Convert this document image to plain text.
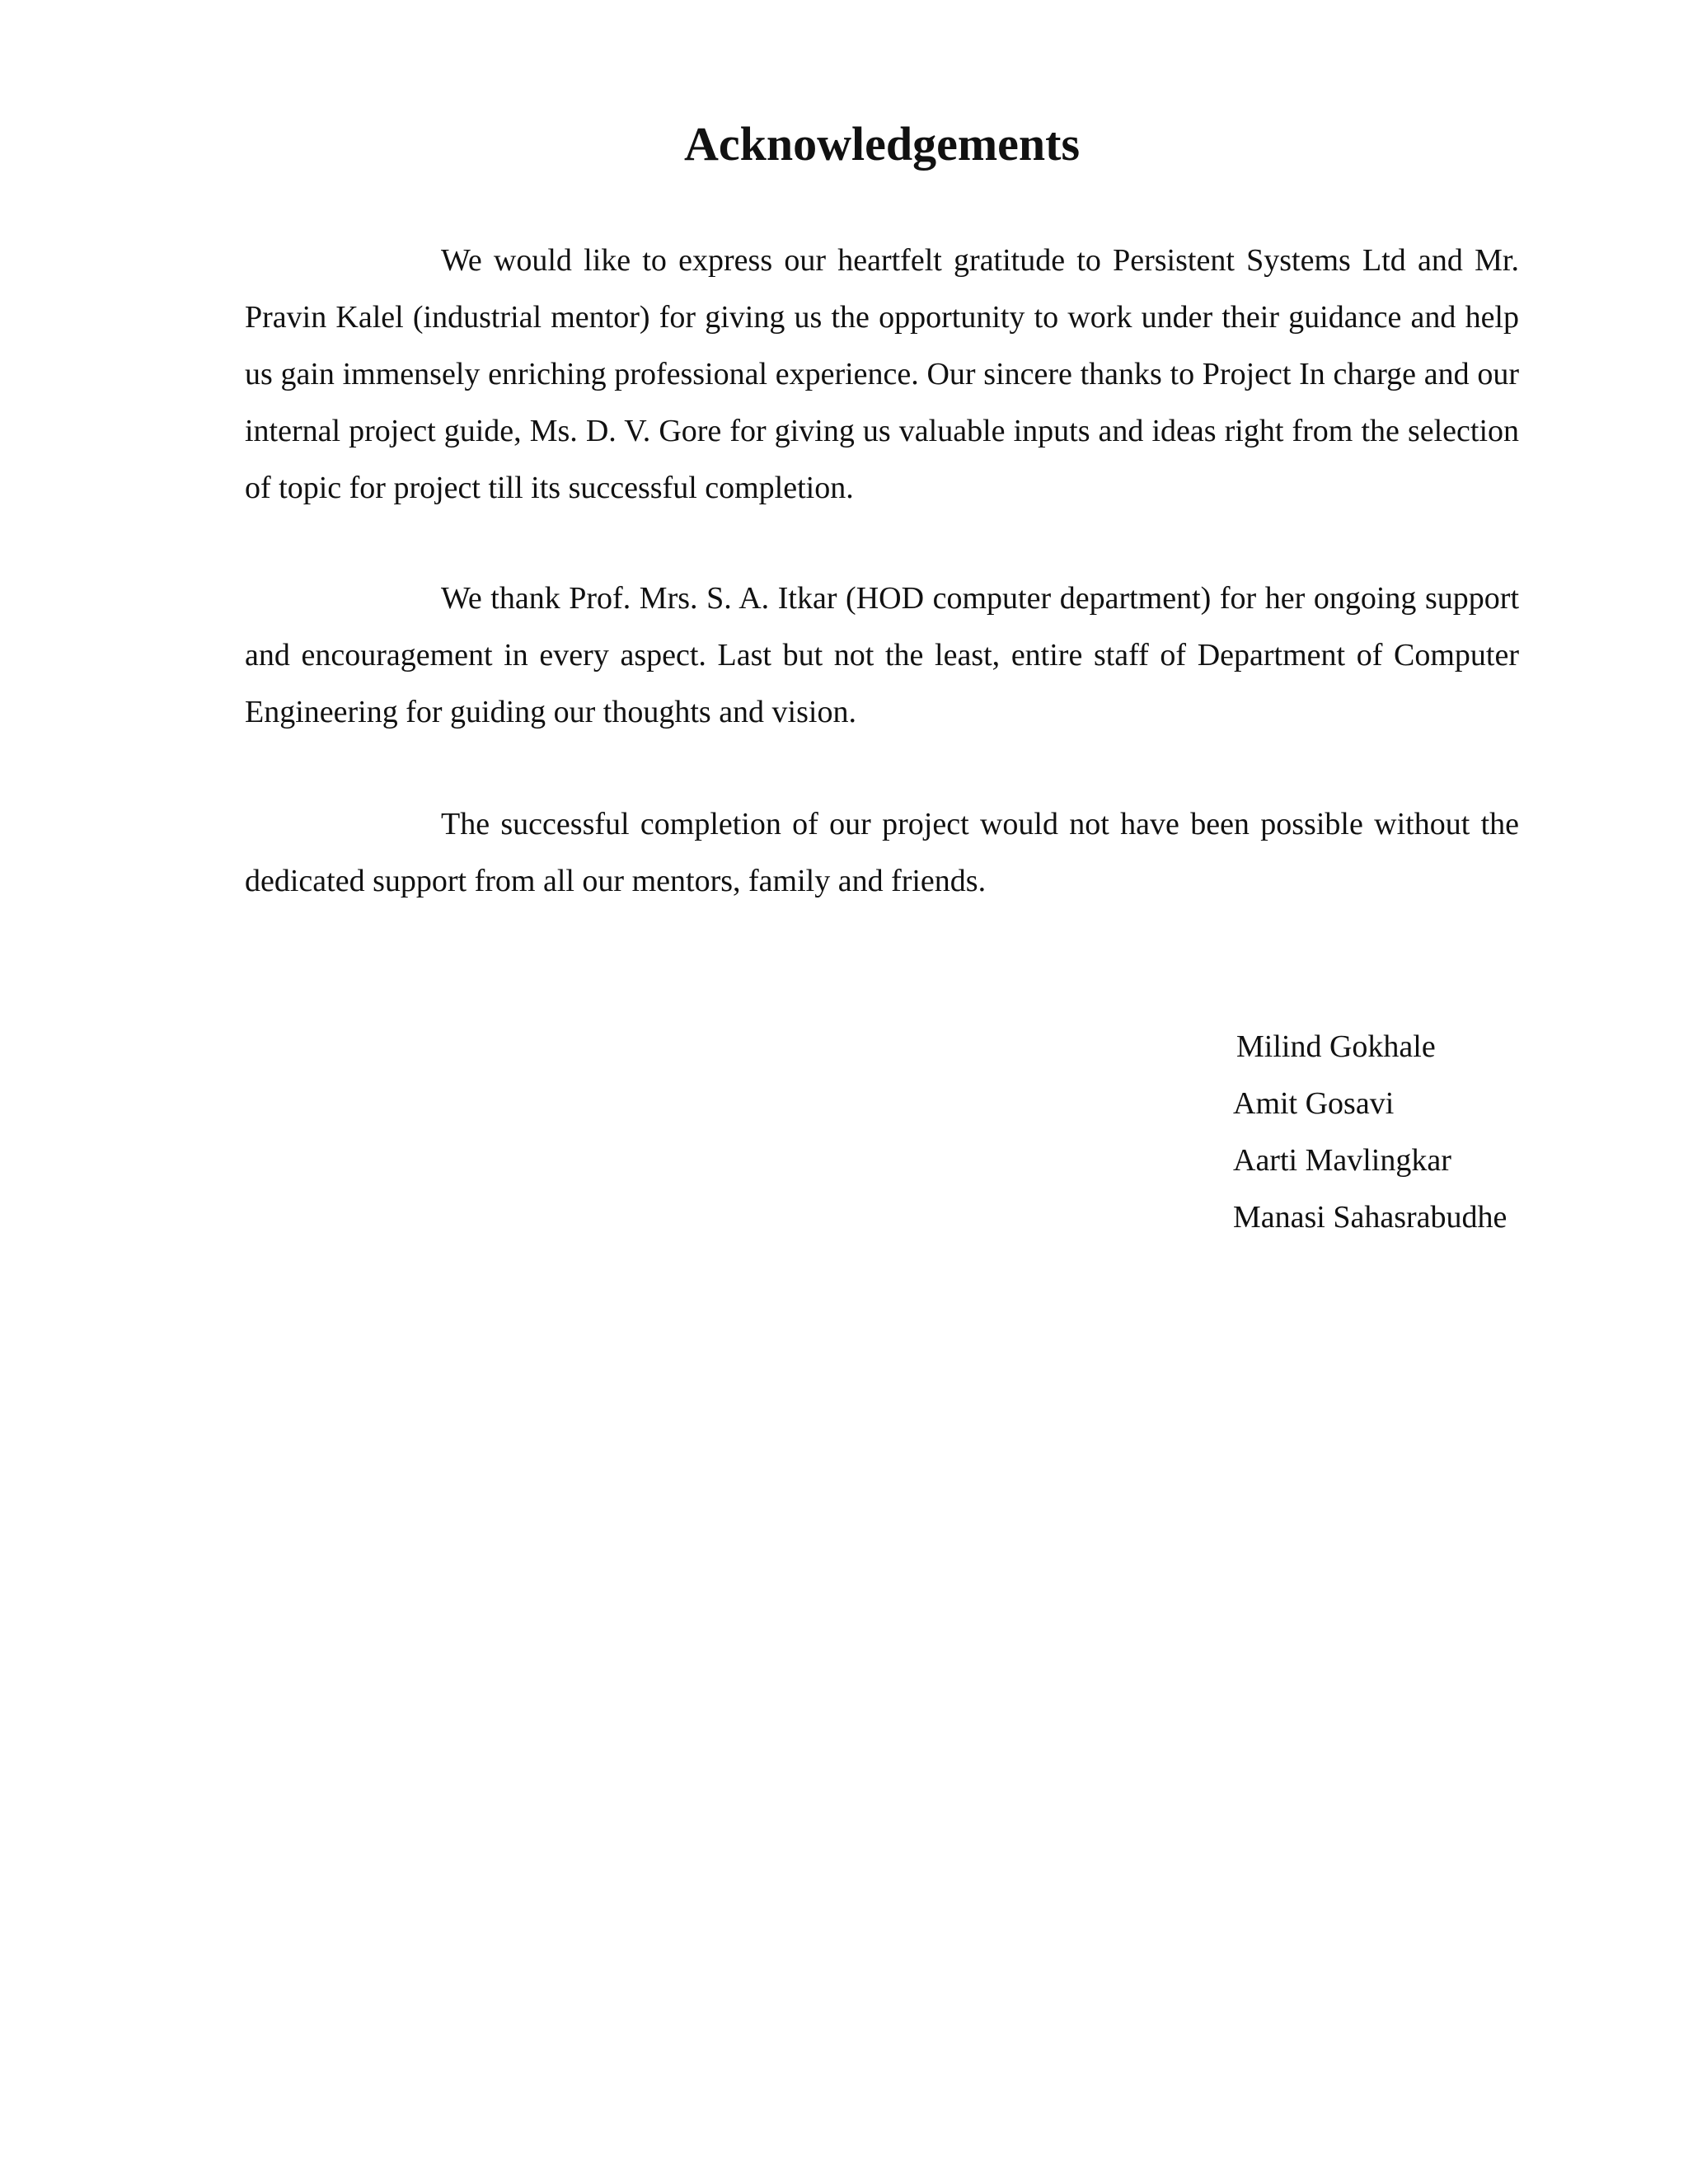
Acknowledgements

We would like to express our heartfelt gratitude to Persistent Systems Ltd and Mr. Pravin Kalel (industrial mentor) for giving us the opportunity to work under their guidance and help us gain immensely enriching professional experience. Our sincere thanks to Project In charge and our internal project guide, Ms. D. V. Gore for giving us valuable inputs and ideas right from the selection of topic for project till its successful completion.

We thank Prof. Mrs. S. A. Itkar (HOD computer department) for her ongoing support and encouragement in every aspect. Last but not the least, entire staff of Department of Computer Engineering for guiding our thoughts and vision.

The successful completion of our project would not have been possible without the dedicated support from all our mentors, family and friends.

Milind Gokhale
Amit Gosavi
Aarti Mavlingkar
Manasi Sahasrabudhe
